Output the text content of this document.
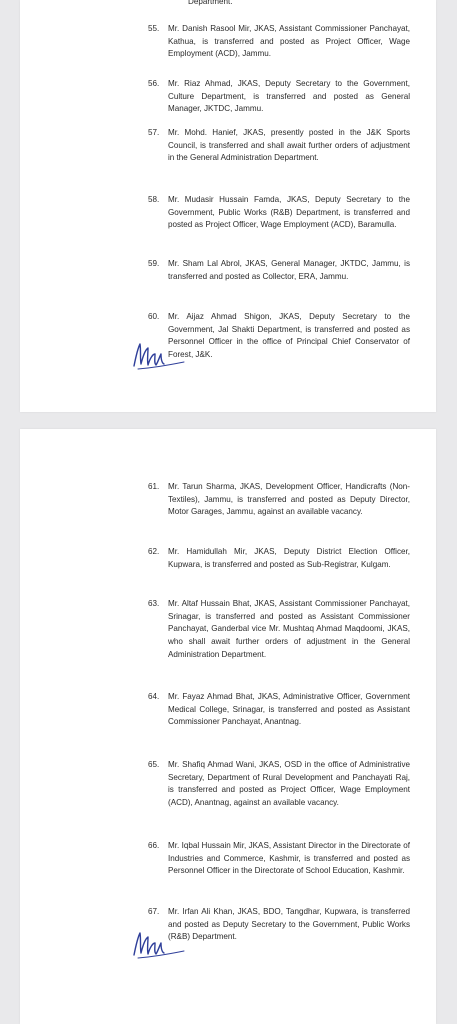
Department.
55.	Mr. Danish Rasool Mir, JKAS, Assistant Commissioner Panchayat, Kathua, is transferred and posted as Project Officer, Wage Employment (ACD), Jammu.
56.	Mr. Riaz Ahmad, JKAS, Deputy Secretary to the Government, Culture Department, is transferred and posted as General Manager, JKTDC, Jammu.
57.	Mr. Mohd. Hanief, JKAS, presently posted in the J&K Sports Council, is transferred and shall await further orders of adjustment in the General Administration Department.
58.	Mr. Mudasir Hussain Famda, JKAS, Deputy Secretary to the Government, Public Works (R&B) Department, is transferred and posted as Project Officer, Wage Employment (ACD), Baramulla.
59.	Mr. Sham Lal Abrol, JKAS, General Manager, JKTDC, Jammu, is transferred and posted as Collector, ERA, Jammu.
60.	Mr. Aijaz Ahmad Shigon, JKAS, Deputy Secretary to the Government, Jal Shakti Department, is transferred and posted as Personnel Officer in the office of Principal Chief Conservator of Forest, J&K.
61.	Mr. Tarun Sharma, JKAS, Development Officer, Handicrafts (Non-Textiles), Jammu, is transferred and posted as Deputy Director, Motor Garages, Jammu, against an available vacancy.
62.	Mr. Hamidullah Mir, JKAS, Deputy District Election Officer, Kupwara, is transferred and posted as Sub-Registrar, Kulgam.
63.	Mr. Altaf Hussain Bhat, JKAS, Assistant Commissioner Panchayat, Srinagar, is transferred and posted as Assistant Commissioner Panchayat, Ganderbal vice Mr. Mushtaq Ahmad Maqdoomi, JKAS, who shall await further orders of adjustment in the General Administration Department.
64.	Mr. Fayaz Ahmad Bhat, JKAS, Administrative Officer, Government Medical College, Srinagar, is transferred and posted as Assistant Commissioner Panchayat, Anantnag.
65.	Mr. Shafiq Ahmad Wani, JKAS, OSD in the office of Administrative Secretary, Department of Rural Development and Panchayati Raj, is transferred and posted as Project Officer, Wage Employment (ACD), Anantnag, against an available vacancy.
66.	Mr. Iqbal Hussain Mir, JKAS, Assistant Director in the Directorate of Industries and Commerce, Kashmir, is transferred and posted as Personnel Officer in the Directorate of School Education, Kashmir.
67.	Mr. Irfan Ali Khan, JKAS, BDO, Tangdhar, Kupwara, is transferred and posted as Deputy Secretary to the Government, Public Works (R&B) Department.
